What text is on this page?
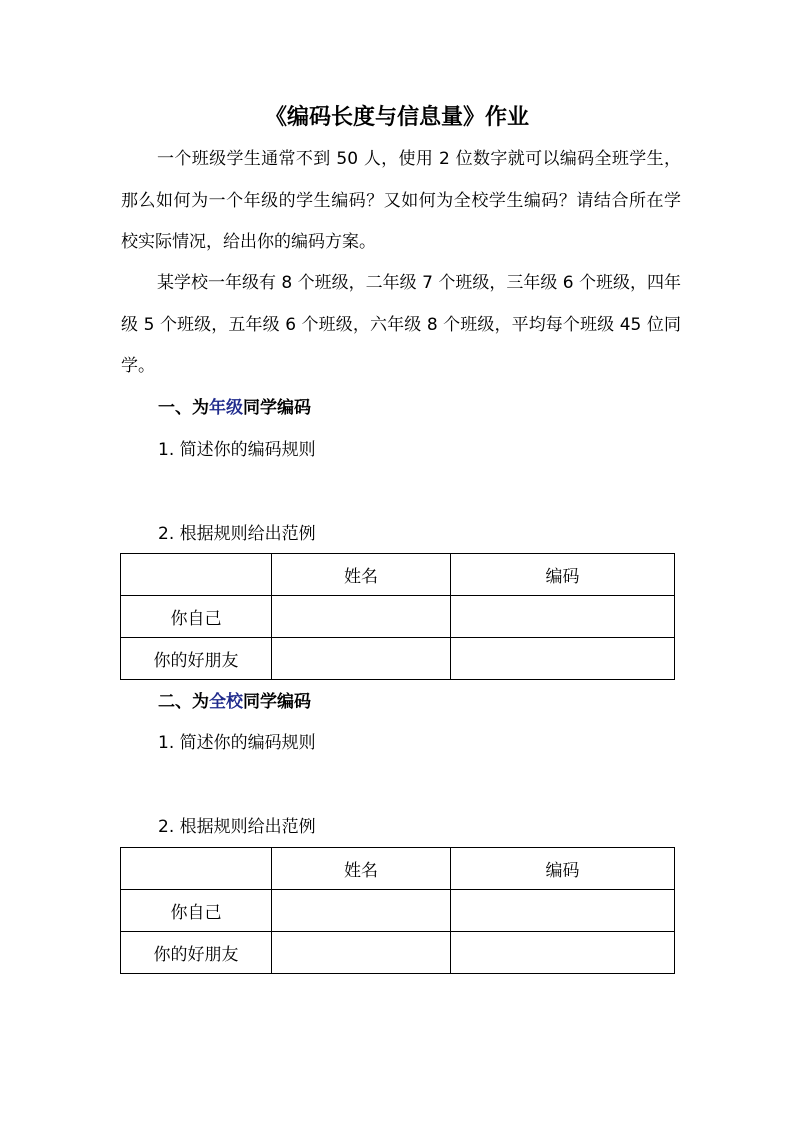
《编码长度与信息量》作业

一个班级学生通常不到 50 人，使用 2 位数字就可以编码全班学生，那么如何为一个年级的学生编码？又如何为全校学生编码？请结合所在学校实际情况，给出你的编码方案。

某学校一年级有 8 个班级，二年级 7 个班级，三年级 6 个班级，四年级 5 个班级，五年级 6 个班级，六年级 8 个班级，平均每个班级 45 位同学。

一、为年级同学编码
1. 简述你的编码规则
2. 根据规则给出范例
	姓名	编码
你自己		
你的好朋友		
二、为全校同学编码
1. 简述你的编码规则
2. 根据规则给出范例
	姓名	编码
你自己		
你的好朋友		
